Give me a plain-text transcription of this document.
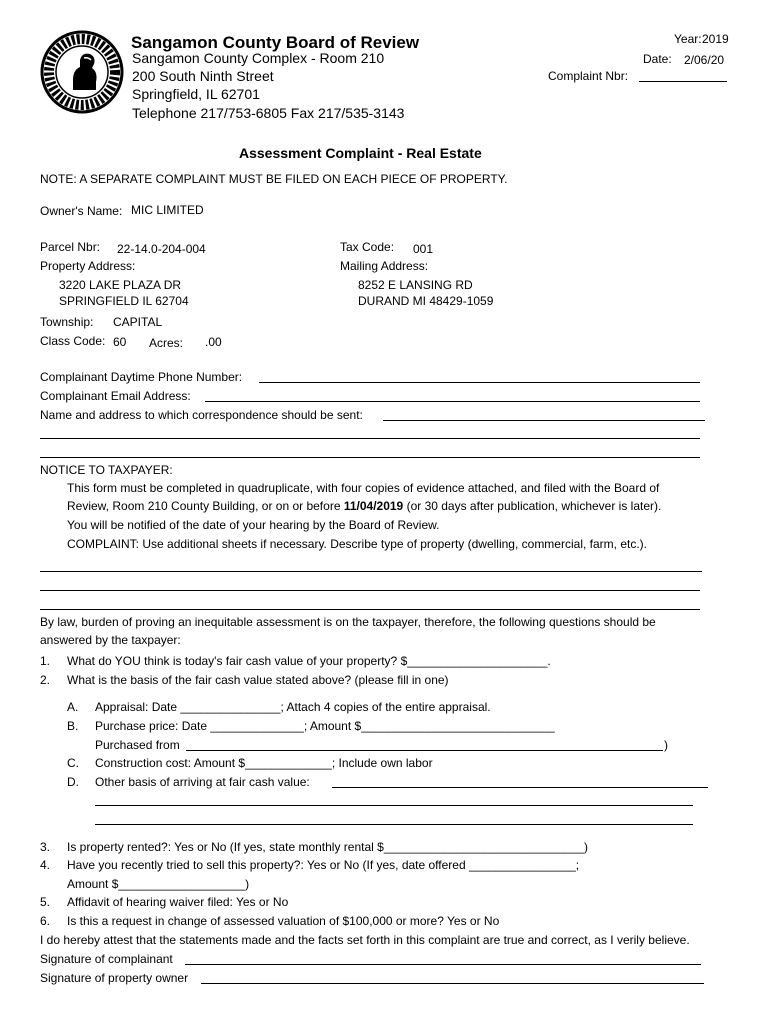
Sangamon County Board of Review
Sangamon County Complex - Room 210
200 South Ninth Street
Springfield, IL 62701
Telephone 217/753-6805 Fax 217/535-3143
Year: 2019
Date: 2/06/20
Complaint Nbr:
Assessment Complaint - Real Estate
NOTE: A SEPARATE COMPLAINT MUST BE FILED ON EACH PIECE OF PROPERTY.
Owner's Name: MIC LIMITED
Parcel Nbr: 22-14.0-204-004	Tax Code: 001
Property Address:	Mailing Address:
3220 LAKE PLAZA DR
SPRINGFIELD IL 62704
8252 E LANSING RD
DURAND MI 48429-1059
Township: CAPITAL
Class Code: 60 Acres: .00
Complainant Daytime Phone Number:
Complainant Email Address:
Name and address to which correspondence should be sent:
NOTICE TO TAXPAYER:
This form must be completed in quadruplicate, with four copies of evidence attached, and filed with the Board of
Review, Room 210 County Building, or on or before 11/04/2019 (or 30 days after publication, whichever is later).
You will be notified of the date of your hearing by the Board of Review.
COMPLAINT: Use additional sheets if necessary. Describe type of property (dwelling, commercial, farm, etc.).
By law, burden of proving an inequitable assessment is on the taxpayer, therefore, the following questions should be
answered by the taxpayer:
1. What do YOU think is today's fair cash value of your property? $_____________________.
2. What is the basis of the fair cash value stated above? (please fill in one)
A. Appraisal: Date _______________; Attach 4 copies of the entire appraisal.
B. Purchase price: Date ______________; Amount $_____________________________
Purchased from	)
C. Construction cost: Amount $_____________; Include own labor
D. Other basis of arriving at fair cash value:
3. Is property rented?: Yes or No (If yes, state monthly rental $______________________________)
4. Have you recently tried to sell this property?: Yes or No (If yes, date offered ________________;
Amount $___________________)
5. Affidavit of hearing waiver filed: Yes or No
6. Is this a request in change of assessed valuation of $100,000 or more? Yes or No
I do hereby attest that the statements made and the facts set forth in this complaint are true and correct, as I verily believe.
Signature of complainant
Signature of property owner
